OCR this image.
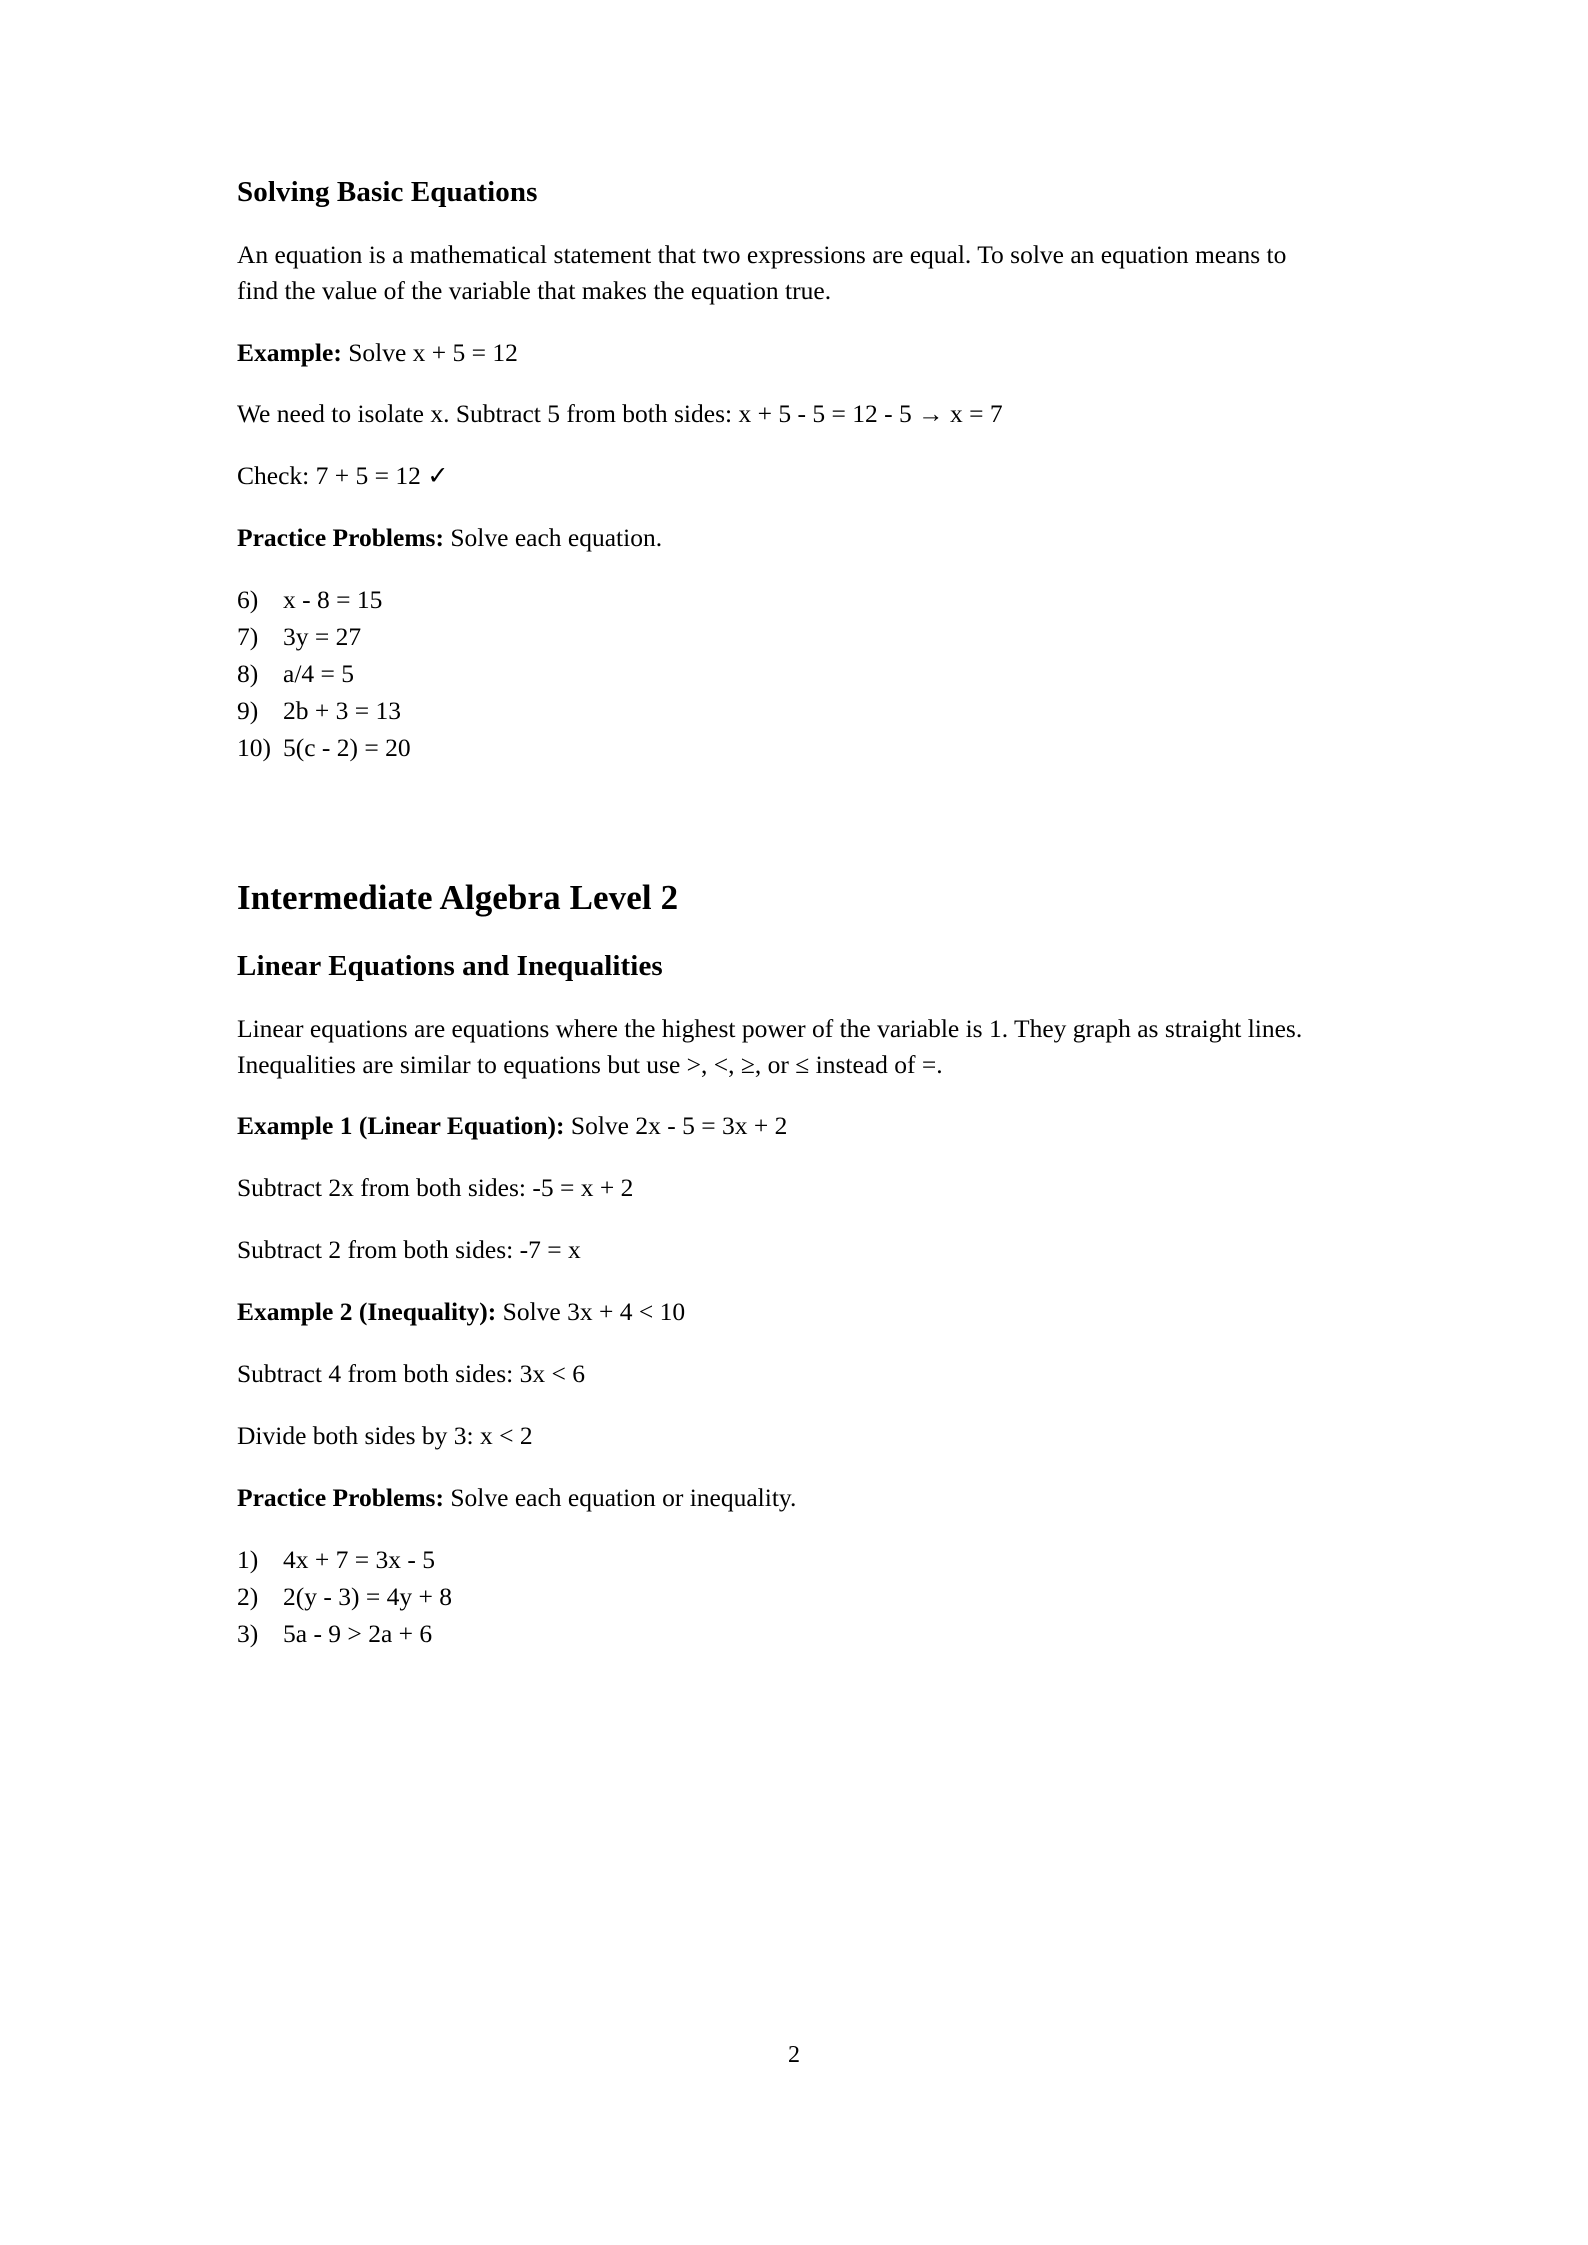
Solving Basic Equations

An equation is a mathematical statement that two expressions are equal. To solve an equation means to find the value of the variable that makes the equation true.

Example: Solve x + 5 = 12

We need to isolate x. Subtract 5 from both sides: x + 5 - 5 = 12 - 5 → x = 7

Check: 7 + 5 = 12 ✓

Practice Problems: Solve each equation.

6) x - 8 = 15
7) 3y = 27
8) a/4 = 5
9) 2b + 3 = 13
10) 5(c - 2) = 20
Intermediate Algebra Level 2
Linear Equations and Inequalities

Linear equations are equations where the highest power of the variable is 1. They graph as straight lines. Inequalities are similar to equations but use >, <, ≥, or ≤ instead of =.

Example 1 (Linear Equation): Solve 2x - 5 = 3x + 2

Subtract 2x from both sides: -5 = x + 2

Subtract 2 from both sides: -7 = x

Example 2 (Inequality): Solve 3x + 4 < 10

Subtract 4 from both sides: 3x < 6

Divide both sides by 3: x < 2

Practice Problems: Solve each equation or inequality.

1) 4x + 7 = 3x - 5
2) 2(y - 3) = 4y + 8
3) 5a - 9 > 2a + 6
2
